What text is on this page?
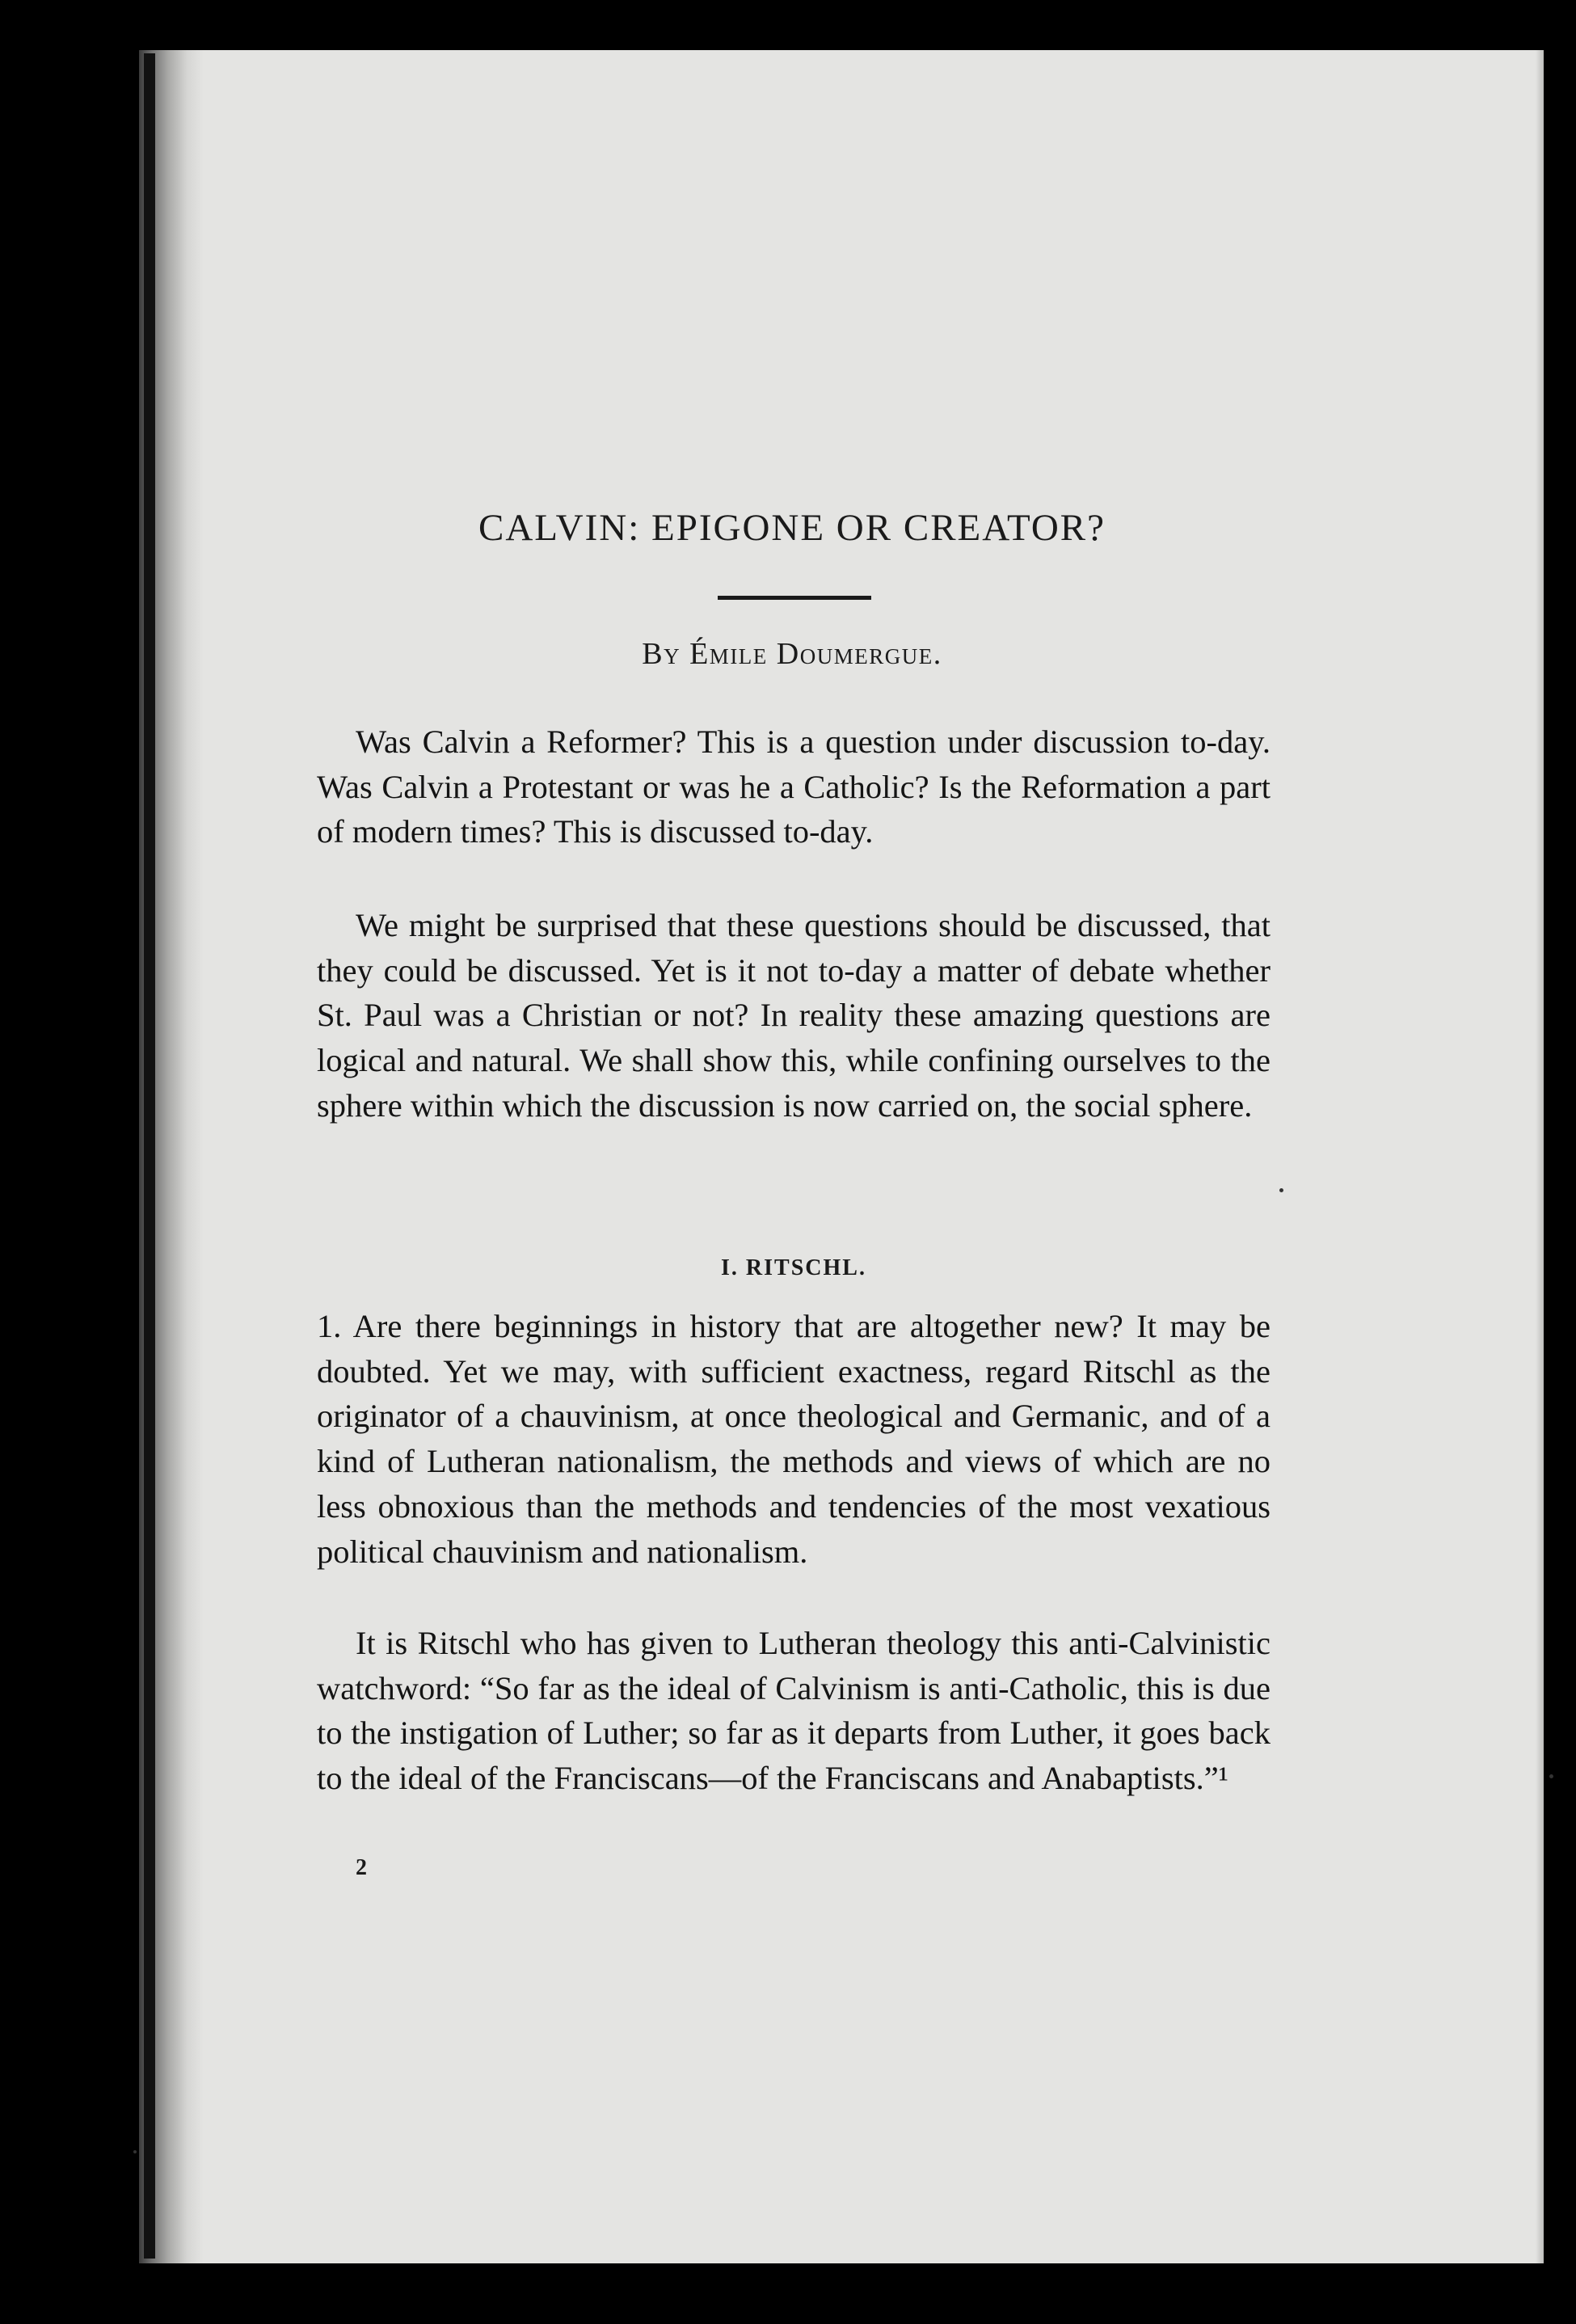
CALVIN: EPIGONE OR CREATOR?
By Émile Doumergue.

Was Calvin a Reformer? This is a question under discussion to-day. Was Calvin a Protestant or was he a Catholic? Is the Reformation a part of modern times? This is discussed to-day.

We might be surprised that these questions should be discussed, that they could be discussed. Yet is it not to-day a matter of debate whether St. Paul was a Christian or not? In reality these amazing questions are logical and natural. We shall show this, while confining ourselves to the sphere within which the discussion is now carried on, the social sphere.

I. RITSCHL.

1. Are there beginnings in history that are altogether new? It may be doubted. Yet we may, with sufficient exactness, regard Ritschl as the originator of a chauvinism, at once theological and Germanic, and of a kind of Lutheran nationalism, the methods and views of which are no less obnoxious than the methods and tendencies of the most vexatious political chauvinism and nationalism.

It is Ritschl who has given to Lutheran theology this anti-Calvinistic watchword: “So far as the ideal of Calvinism is anti-Catholic, this is due to the instigation of Luther; so far as it departs from Luther, it goes back to the ideal of the Franciscans—of the Franciscans and Anabaptists.”¹

2
